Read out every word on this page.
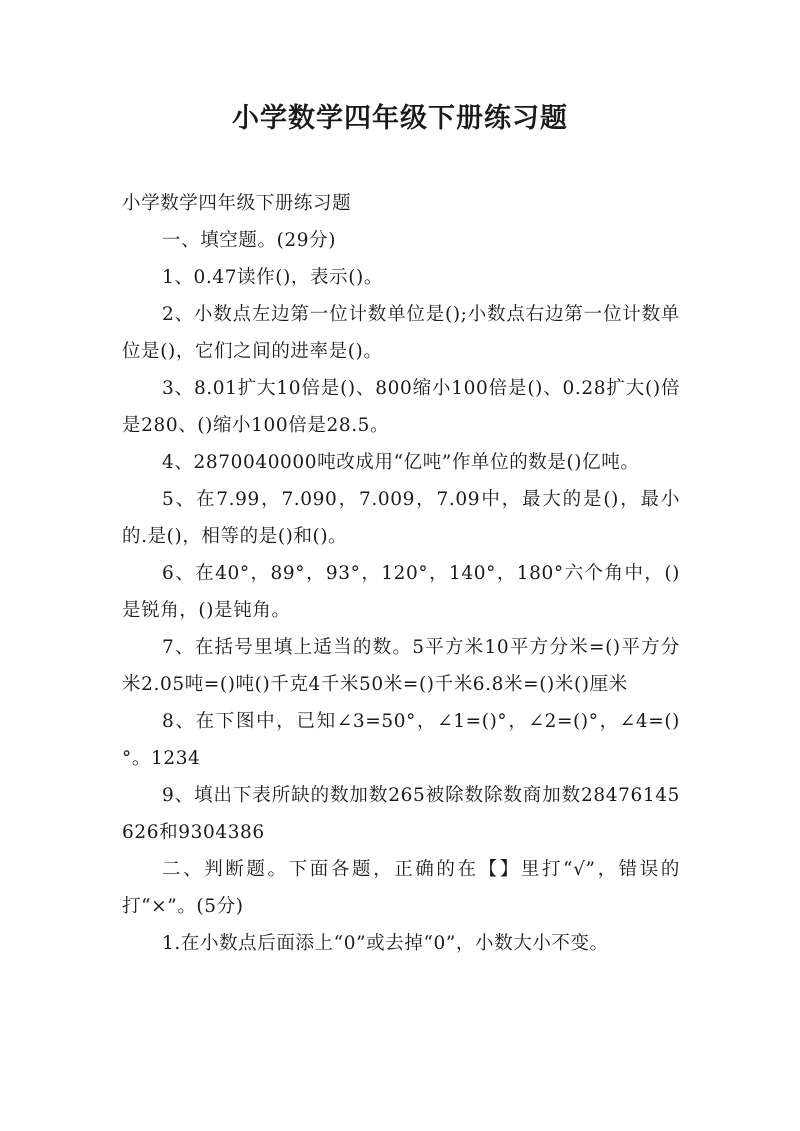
小学数学四年级下册练习题

小学数学四年级下册练习题

一、填空题。(29分)

1、0.47读作()，表示()。

2、小数点左边第一位计数单位是();小数点右边第一位计数单位是()，它们之间的进率是()。

3、8.01扩大10倍是()、800缩小100倍是()、0.28扩大()倍是280、()缩小100倍是28.5。

4、2870040000吨改成用“亿吨”作单位的数是()亿吨。

5、在7.99，7.090，7.009，7.09中，最大的是()，最小的.是()，相等的是()和()。

6、在40°，89°，93°，120°，140°，180°六个角中，()是锐角，()是钝角。

7、在括号里填上适当的数。5平方米10平方分米=()平方分米2.05吨=()吨()千克4千米50米=()千米6.8米=()米()厘米

8、在下图中，已知∠3=50°，∠1=()°，∠2=()°，∠4=()°。1234

9、填出下表所缺的数加数265被除数除数商加数28476145626和9304386

二、判断题。下面各题，正确的在【】里打“√”，错误的打“×”。(5分)

1.在小数点后面添上“0”或去掉“0”，小数大小不变。
